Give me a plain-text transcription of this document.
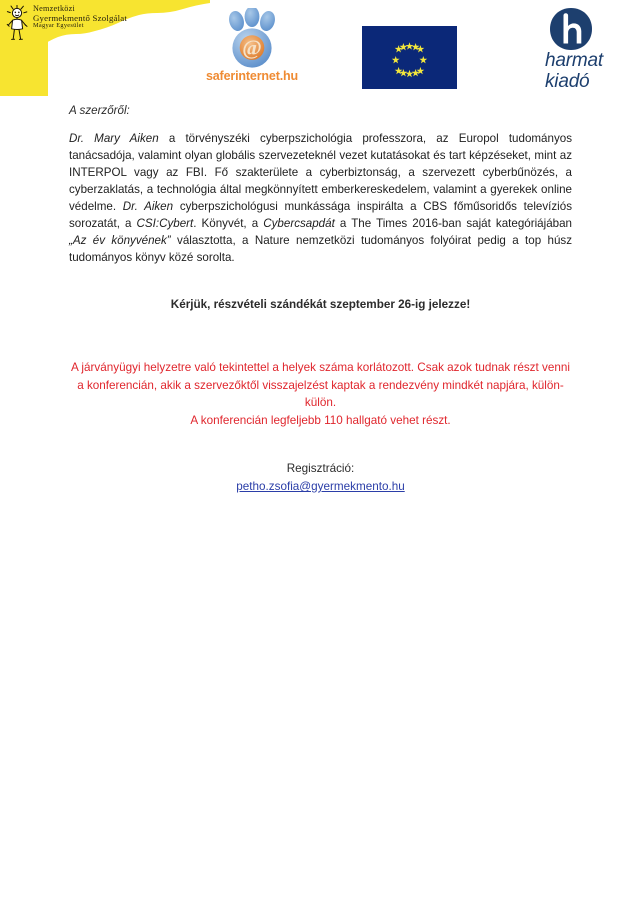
Nemzetközi
Gyermekmentő Szolgálat
Magyar Egyesület
@
saferinternet.hu
harmat
kiadó

A szerzőről:

Dr. Mary Aiken a törvényszéki cyberpszichológia professzora, az Europol tudományos tanácsadója, valamint olyan globális szervezeteknél vezet kutatásokat és tart képzéseket, mint az INTERPOL vagy az FBI. Fő szakterülete a cyberbiztonság, a szervezett cyberbűnözés, a cyberzaklatás, a technológia által megkönnyített emberkereskedelem, valamint a gyerekek online védelme. Dr. Aiken cyberpszichológusi munkássága inspirálta a CBS főműsoridős televíziós sorozatát, a CSI:Cybert. Könyvét, a Cybercsapdát a The Times 2016-ban saját kategóriájában „Az év könyvének” választotta, a Nature nemzetközi tudományos folyóirat pedig a top húsz tudományos könyv közé sorolta.

Kérjük, részvételi szándékát szeptember 26-ig jelezze!

A járványügyi helyzetre való tekintettel a helyek száma korlátozott. Csak azok tudnak részt venni a konferencián, akik a szervezőktől visszajelzést kaptak a rendezvény mindkét napjára, külön-külön.
A konferencián legfeljebb 110 hallgató vehet részt.
Regisztráció:
petho.zsofia@gyermekmento.hu
